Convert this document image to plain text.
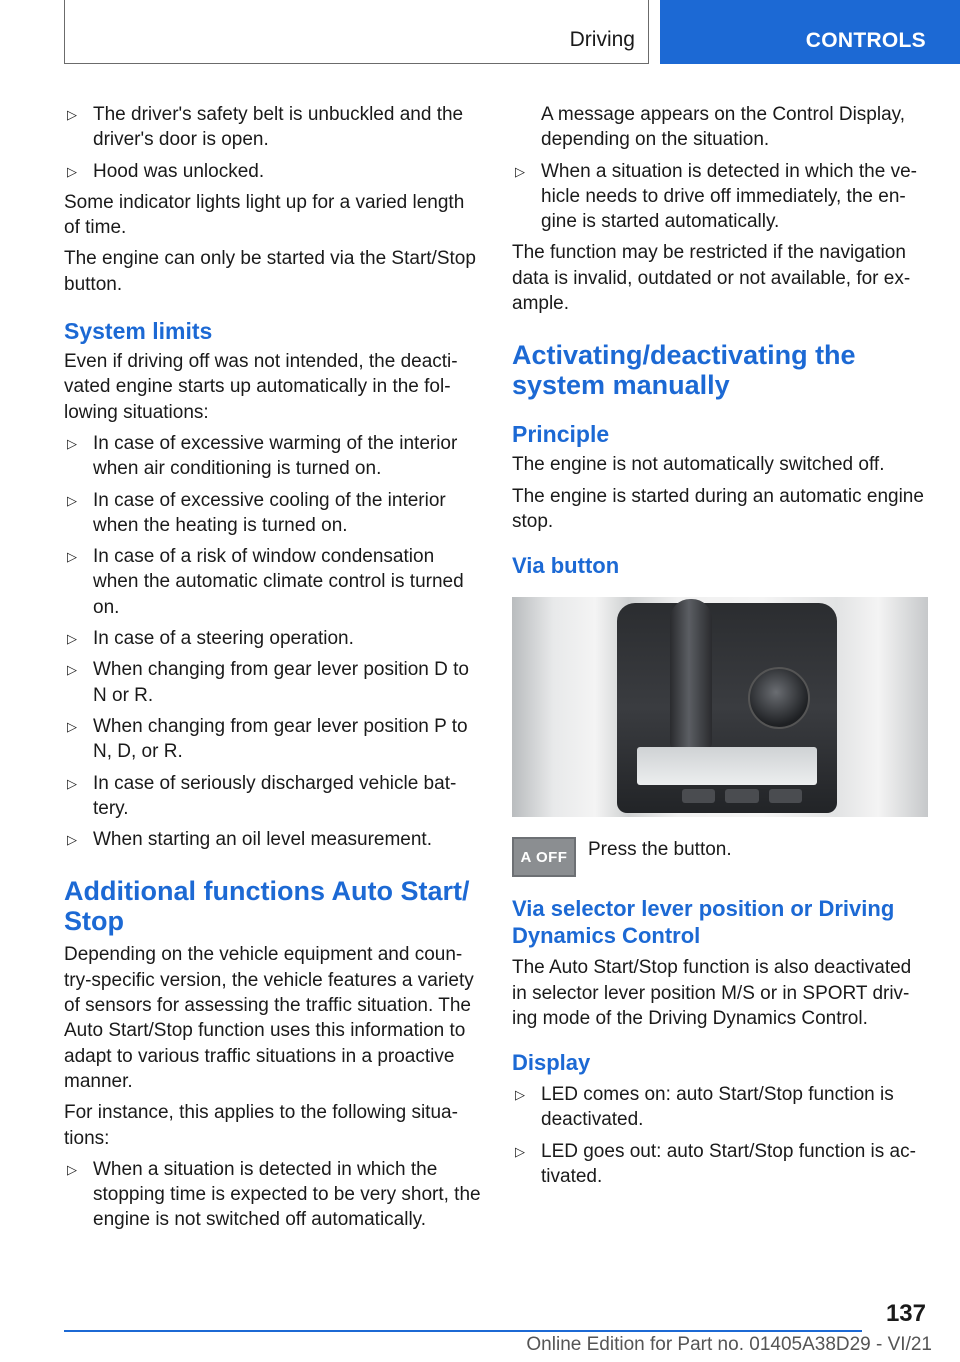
Driving	CONTROLS
▷ The driver's safety belt is unbuckled and the driver's door is open.
▷ Hood was unlocked.

Some indicator lights light up for a varied length of time.

The engine can only be started via the Start/Stop button.

System limits

Even if driving off was not intended, the deacti-vated engine starts up automatically in the fol-lowing situations:

▷ In case of excessive warming of the interior when air conditioning is turned on.
▷ In case of excessive cooling of the interior when the heating is turned on.
▷ In case of a risk of window condensation when the automatic climate control is turned on.
▷ In case of a steering operation.
▷ When changing from gear lever position D to N or R.
▷ When changing from gear lever position P to N, D, or R.
▷ In case of seriously discharged vehicle bat-tery.
▷ When starting an oil level measurement.
Additional functions Auto Start/ Stop

Depending on the vehicle equipment and coun-try-specific version, the vehicle features a variety of sensors for assessing the traffic situation. The Auto Start/Stop function uses this information to adapt to various traffic situations in a proactive manner.

For instance, this applies to the following situa-tions:

▷ When a situation is detected in which the stopping time is expected to be very short, the engine is not switched off automatically.
A message appears on the Control Display, depending on the situation.
▷ When a situation is detected in which the ve-hicle needs to drive off immediately, the en-gine is started automatically.

The function may be restricted if the navigation data is invalid, outdated or not available, for ex-ample.

Activating/deactivating the system manually
Principle

The engine is not automatically switched off.

The engine is started during an automatic engine stop.

Via button
A OFF	Press the button.

Via selector lever position or Driving Dynamics Control

The Auto Start/Stop function is also deactivated in selector lever position M/S or in SPORT driv-ing mode of the Driving Dynamics Control.

Display
▷ LED comes on: auto Start/Stop function is deactivated.
▷ LED goes out: auto Start/Stop function is ac-tivated.
137
Online Edition for Part no. 01405A38D29 - VI/21
